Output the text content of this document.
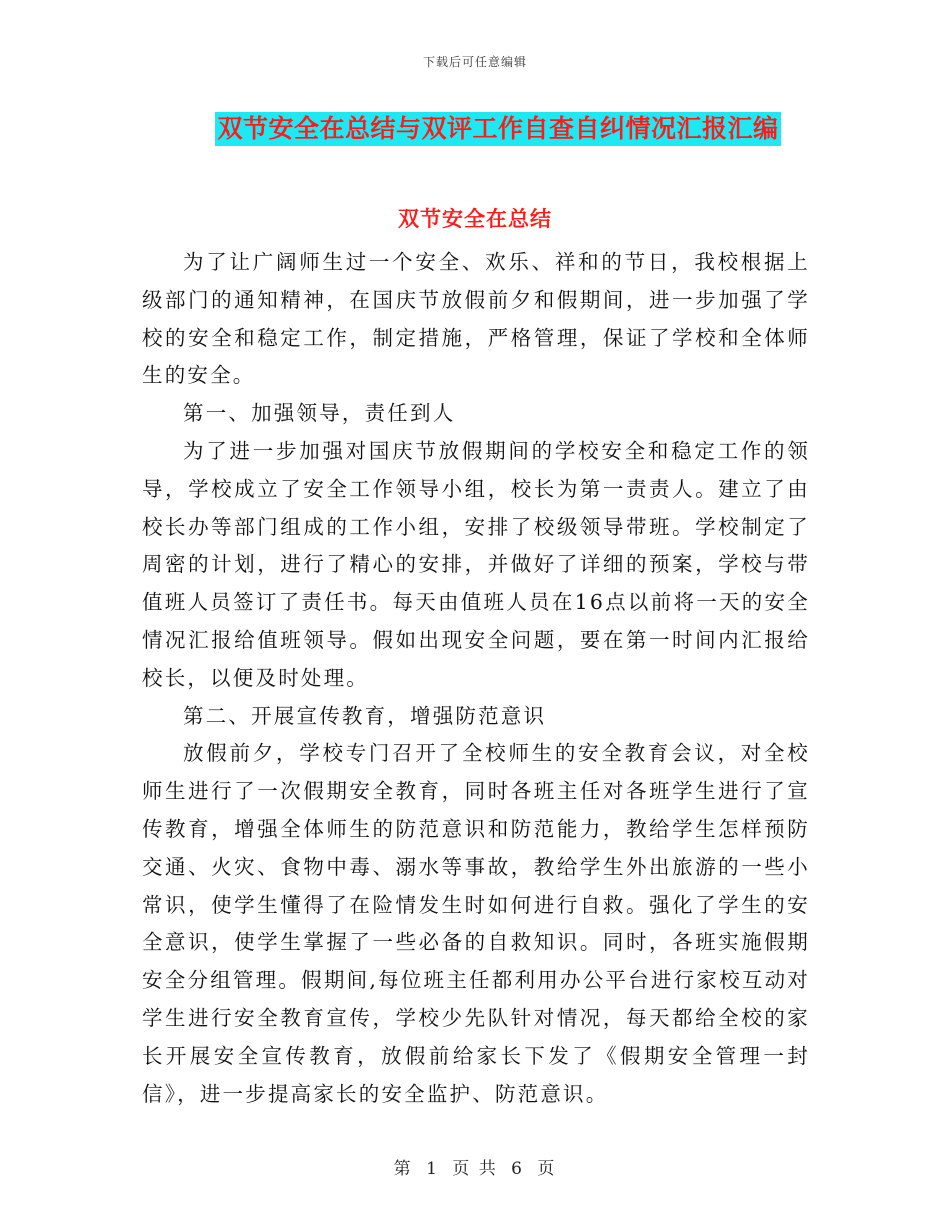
下载后可任意编辑
双节安全在总结与双评工作自查自纠情况汇报汇编
双节安全在总结

为了让广阔师生过一个安全、欢乐、祥和的节日，我校根据上级部门的通知精神，在国庆节放假前夕和假期间，进一步加强了学校的安全和稳定工作，制定措施，严格管理，保证了学校和全体师生的安全。

第一、加强领导，责任到人

为了进一步加强对国庆节放假期间的学校安全和稳定工作的领导，学校成立了安全工作领导小组，校长为第一责责人。建立了由校长办等部门组成的工作小组，安排了校级领导带班。学校制定了周密的计划，进行了精心的安排，并做好了详细的预案，学校与带值班人员签订了责任书。每天由值班人员在16点以前将一天的安全情况汇报给值班领导。假如出现安全问题，要在第一时间内汇报给校长，以便及时处理。

第二、开展宣传教育，增强防范意识

放假前夕，学校专门召开了全校师生的安全教育会议，对全校师生进行了一次假期安全教育，同时各班主任对各班学生进行了宣传教育，增强全体师生的防范意识和防范能力，教给学生怎样预防交通、火灾、食物中毒、溺水等事故，教给学生外出旅游的一些小常识，使学生懂得了在险情发生时如何进行自救。强化了学生的安全意识，使学生掌握了一些必备的自救知识。同时，各班实施假期安全分组管理。假期间,每位班主任都利用办公平台进行家校互动对学生进行安全教育宣传，学校少先队针对情况，每天都给全校的家长开展安全宣传教育，放假前给家长下发了《假期安全管理一封信》，进一步提高家长的安全监护、防范意识。

第 1 页 共 6 页
